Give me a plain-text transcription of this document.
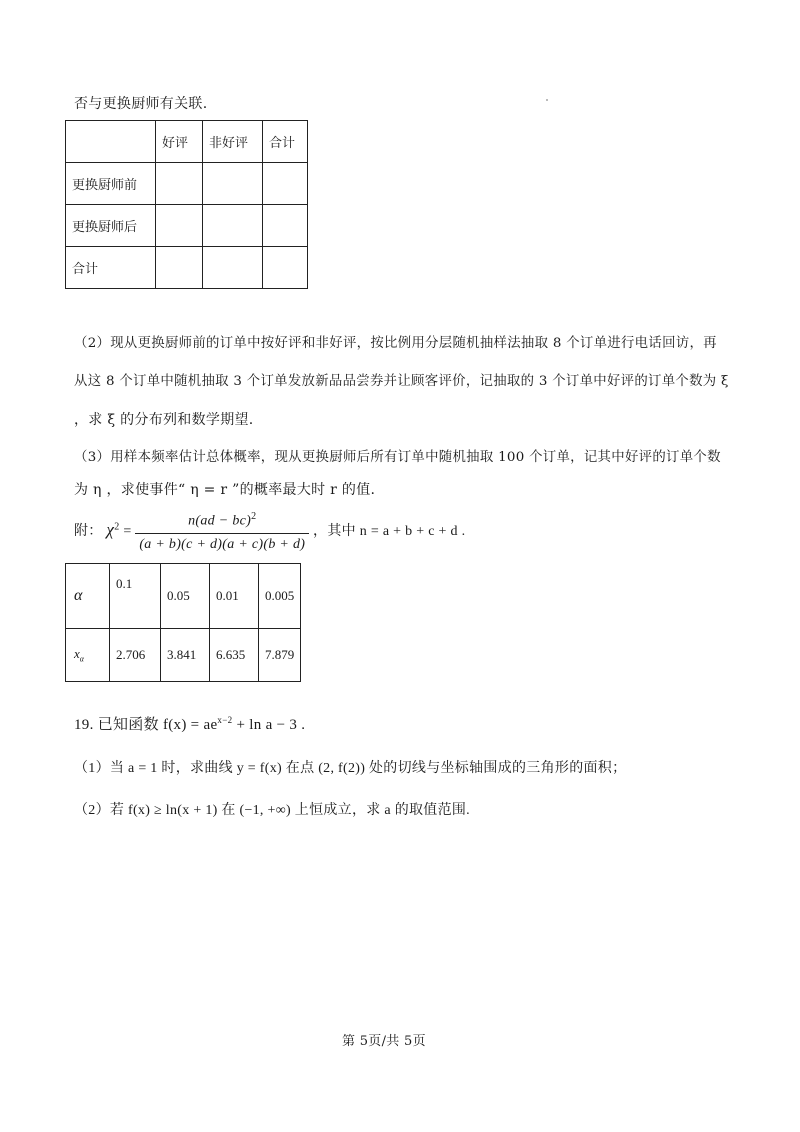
否与更换厨师有关联.
	好评	非好评	合计
更换厨师前			
更换厨师后			
合计			
（2）现从更换厨师前的订单中按好评和非好评，按比例用分层随机抽样法抽取 8 个订单进行电话回访，再
从这 8 个订单中随机抽取 3 个订单发放新品品尝券并让顾客评价，记抽取的 3 个订单中好评的订单个数为 ξ
，求 ξ 的分布列和数学期望.
（3）用样本频率估计总体概率，现从更换厨师后所有订单中随机抽取 100 个订单，记其中好评的订单个数
为 η ，求使事件“ η = r ”的概率最大时 r 的值.
附： $\chi^2 = \frac{n(ad - bc)^2}{(a + b)(c + d)(a + c)(b + d)}$ ，其中 n = a + b + c + d .
α	0.1	0.05	0.01	0.005
$x_\alpha$	2.706	3.841	6.635	7.879
19. 已知函数 $f(x) = ae^{x-2} + \ln a - 3$ .
（1）当 a = 1 时，求曲线 y = f(x) 在点 (2, f(2)) 处的切线与坐标轴围成的三角形的面积；
（2）若 f(x) ≥ ln(x + 1) 在 (−1, +∞) 上恒成立，求 a 的取值范围.
第 5页/共 5页
